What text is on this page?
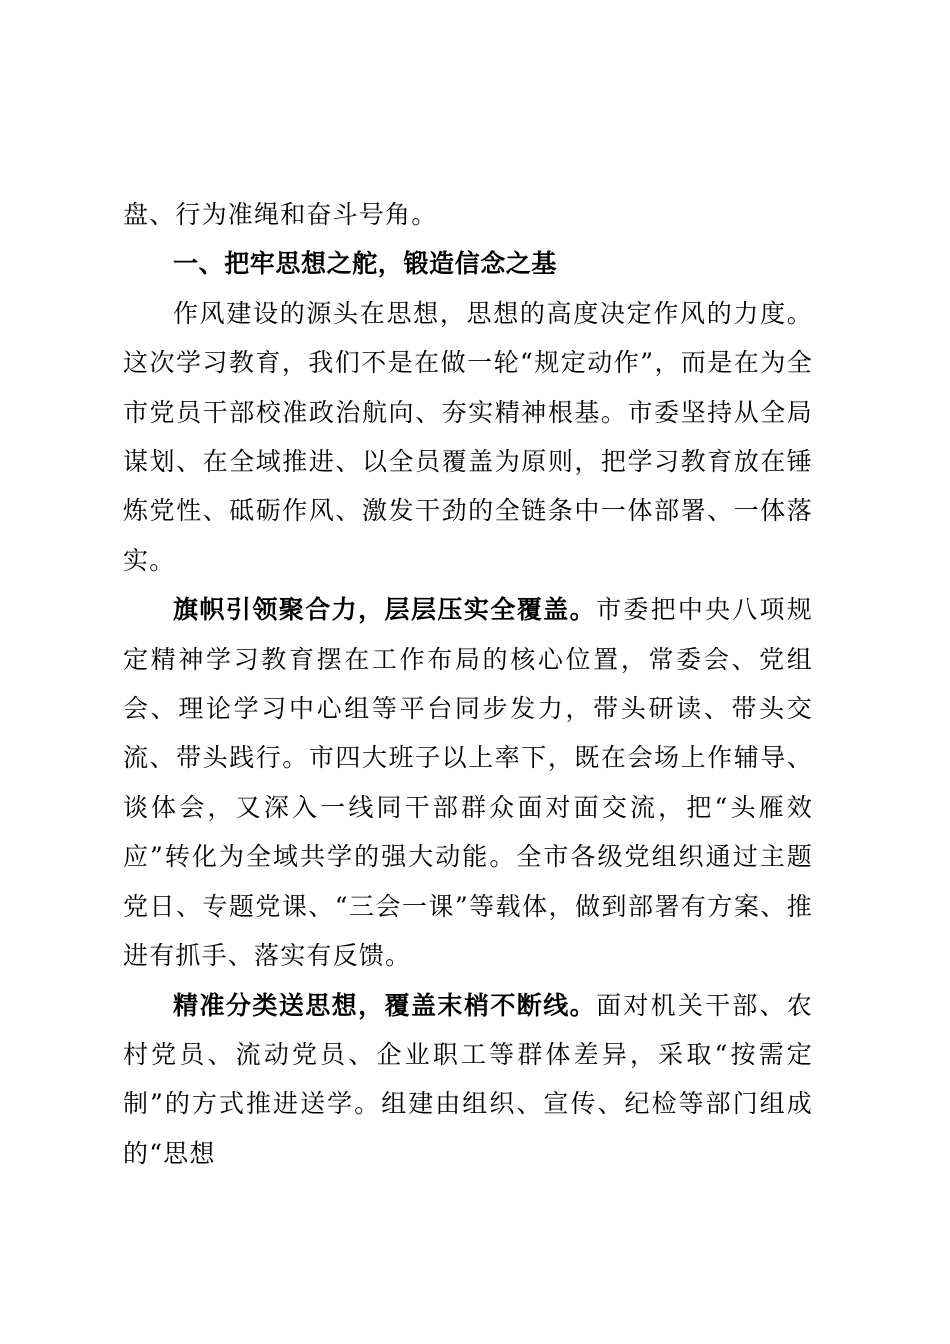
盘、行为准绳和奋斗号角。

一、把牢思想之舵，锻造信念之基

作风建设的源头在思想，思想的高度决定作风的力度。这次学习教育，我们不是在做一轮“规定动作”，而是在为全市党员干部校准政治航向、夯实精神根基。市委坚持从全局谋划、在全域推进、以全员覆盖为原则，把学习教育放在锤炼党性、砥砺作风、激发干劲的全链条中一体部署、一体落实。

旗帜引领聚合力，层层压实全覆盖。市委把中央八项规定精神学习教育摆在工作布局的核心位置，常委会、党组会、理论学习中心组等平台同步发力，带头研读、带头交流、带头践行。市四大班子以上率下，既在会场上作辅导、谈体会，又深入一线同干部群众面对面交流，把“头雁效应”转化为全域共学的强大动能。全市各级党组织通过主题党日、专题党课、“三会一课”等载体，做到部署有方案、推进有抓手、落实有反馈。

精准分类送思想，覆盖末梢不断线。面对机关干部、农村党员、流动党员、企业职工等群体差异，采取“按需定制”的方式推进送学。组建由组织、宣传、纪检等部门组成的“思想
